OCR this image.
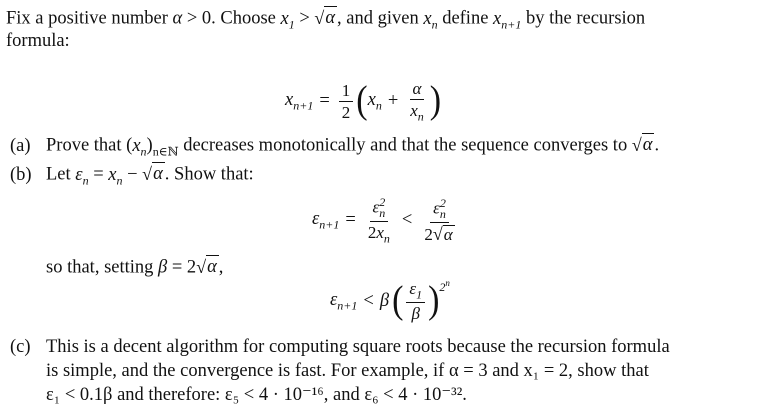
Fix a positive number α > 0. Choose $x_1$ > √ α , and given $x_n$ define $x_{n+1}$ by the recursion
formula:
$x_{n+1} = \frac{1}{2}$ ( $x_n + \frac{\alpha}{x_n}$ )
(a) Prove that $(x_n)_{n\in ℕ}$ decreases monotonically and that the sequence converges to √ α .
(b) Let $\varepsilon_n = x_n$ − √ α . Show that:
$\varepsilon_{n+1} = \frac{\varepsilon^2_n}{2x_n} < \frac{\varepsilon^2_n}{2 √ \alpha}$
so that, setting β = 2 √ α ,
$\varepsilon_{n+1} < \beta$ ( $\frac{\varepsilon_1}{\beta} )^{2^n}$
(c) This is a decent algorithm for computing square roots because the recursion formula
is simple, and the convergence is fast. For example, if α = 3 and x₁ = 2, show that
ε₁ < 0.1β and therefore: ε₅ < 4 · 10⁻¹⁶, and ε₆ < 4 · 10⁻³².
